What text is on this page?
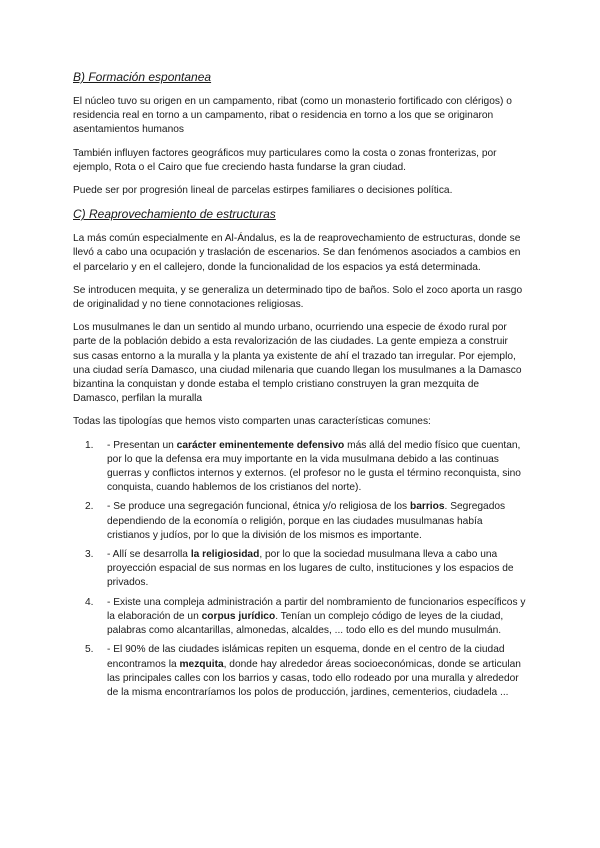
B) Formación espontanea

El núcleo tuvo su origen en un campamento, ribat (como un monasterio fortificado con clérigos) o residencia real en torno a un campamento, ribat o residencia en torno a los que se originaron asentamientos humanos

También influyen factores geográficos muy particulares como la costa o zonas fronterizas, por ejemplo, Rota o el Cairo que fue creciendo hasta fundarse la gran ciudad.

Puede ser por progresión lineal de parcelas estirpes familiares o decisiones política.

C) Reaprovechamiento de estructuras

La más común especialmente en Al-Ándalus, es la de reaprovechamiento de estructuras, donde se llevó a cabo una ocupación y traslación de escenarios. Se dan fenómenos asociados a cambios en el parcelario y en el callejero, donde la funcionalidad de los espacios ya está determinada.

Se introducen mequita, y se generaliza un determinado tipo de baños. Solo el zoco aporta un rasgo de originalidad y no tiene connotaciones religiosas.

Los musulmanes le dan un sentido al mundo urbano, ocurriendo una especie de éxodo rural por parte de la población debido a esta revalorización de las ciudades. La gente empieza a construir sus casas entorno a la muralla y la planta ya existente de ahí el trazado tan irregular. Por ejemplo, una ciudad sería Damasco, una ciudad milenaria que cuando llegan los musulmanes a la Damasco bizantina la conquistan y donde estaba el templo cristiano construyen la gran mezquita de Damasco, perfilan la muralla

Todas las tipologías que hemos visto comparten unas características comunes:

1. - Presentan un carácter eminentemente defensivo más allá del medio físico que cuentan, por lo que la defensa era muy importante en la vida musulmana debido a las continuas guerras y conflictos internos y externos. (el profesor no le gusta el término reconquista, sino conquista, cuando hablemos de los cristianos del norte).
2. - Se produce una segregación funcional, étnica y/o religiosa de los barrios. Segregados dependiendo de la economía o religión, porque en las ciudades musulmanas había cristianos y judíos, por lo que la división de los mismos es importante.
3. - Allí se desarrolla la religiosidad, por lo que la sociedad musulmana lleva a cabo una proyección espacial de sus normas en los lugares de culto, instituciones y los espacios de privados.
4. - Existe una compleja administración a partir del nombramiento de funcionarios específicos y la elaboración de un corpus jurídico. Tenían un complejo código de leyes de la ciudad, palabras como alcantarillas, almonedas, alcaldes, ... todo ello es del mundo musulmán.
5. - El 90% de las ciudades islámicas repiten un esquema, donde en el centro de la ciudad encontramos la mezquita, donde hay alrededor áreas socioeconómicas, donde se articulan las principales calles con los barrios y casas, todo ello rodeado por una muralla y alrededor de la misma encontraríamos los polos de producción, jardines, cementerios, ciudadela ...
